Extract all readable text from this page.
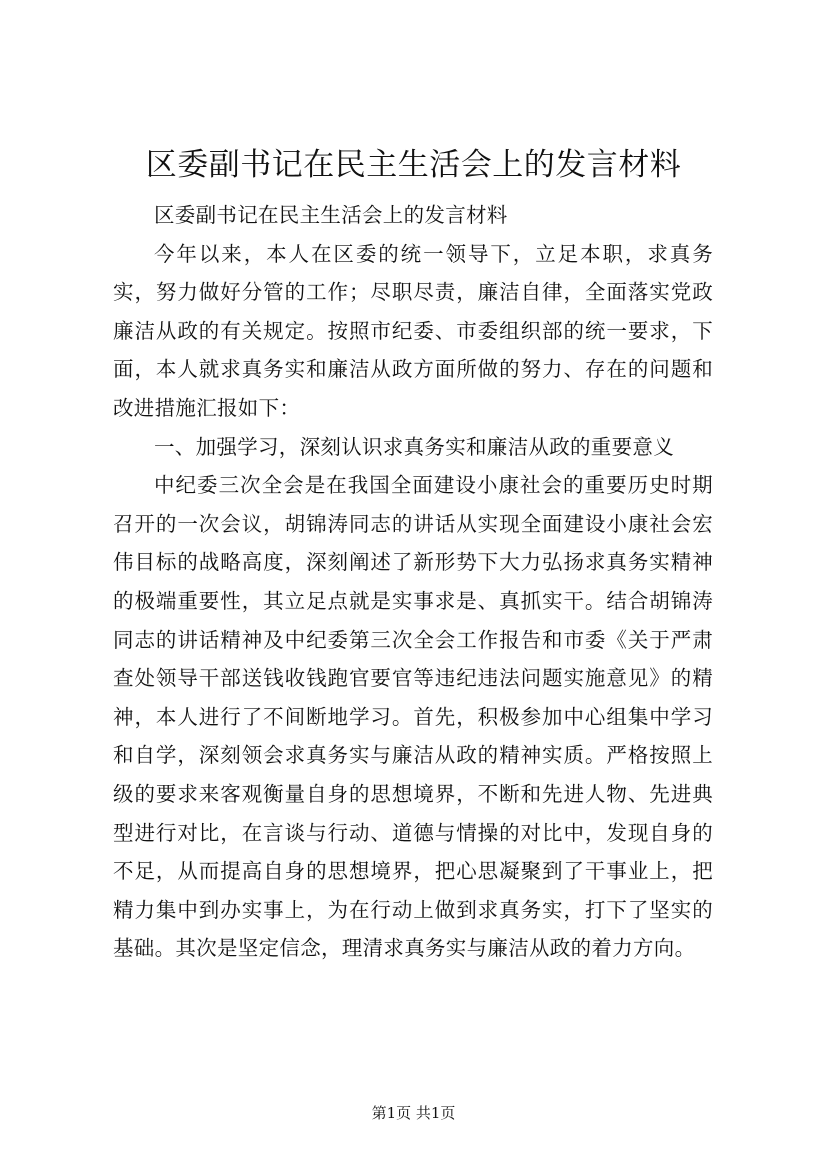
区委副书记在民主生活会上的发言材料

区委副书记在民主生活会上的发言材料

今年以来，本人在区委的统一领导下，立足本职，求真务实，努力做好分管的工作；尽职尽责，廉洁自律，全面落实党政廉洁从政的有关规定。按照市纪委、市委组织部的统一要求，下面，本人就求真务实和廉洁从政方面所做的努力、存在的问题和改进措施汇报如下：

一、加强学习，深刻认识求真务实和廉洁从政的重要意义

中纪委三次全会是在我国全面建设小康社会的重要历史时期召开的一次会议，胡锦涛同志的讲话从实现全面建设小康社会宏伟目标的战略高度，深刻阐述了新形势下大力弘扬求真务实精神的极端重要性，其立足点就是实事求是、真抓实干。结合胡锦涛同志的讲话精神及中纪委第三次全会工作报告和市委《关于严肃查处领导干部送钱收钱跑官要官等违纪违法问题实施意见》的精神，本人进行了不间断地学习。首先，积极参加中心组集中学习和自学，深刻领会求真务实与廉洁从政的精神实质。严格按照上级的要求来客观衡量自身的思想境界，不断和先进人物、先进典型进行对比，在言谈与行动、道德与情操的对比中，发现自身的不足，从而提高自身的思想境界，把心思凝聚到了干事业上，把精力集中到办实事上，为在行动上做到求真务实，打下了坚实的基础。其次是坚定信念，理清求真务实与廉洁从政的着力方向。

第1页 共1页
